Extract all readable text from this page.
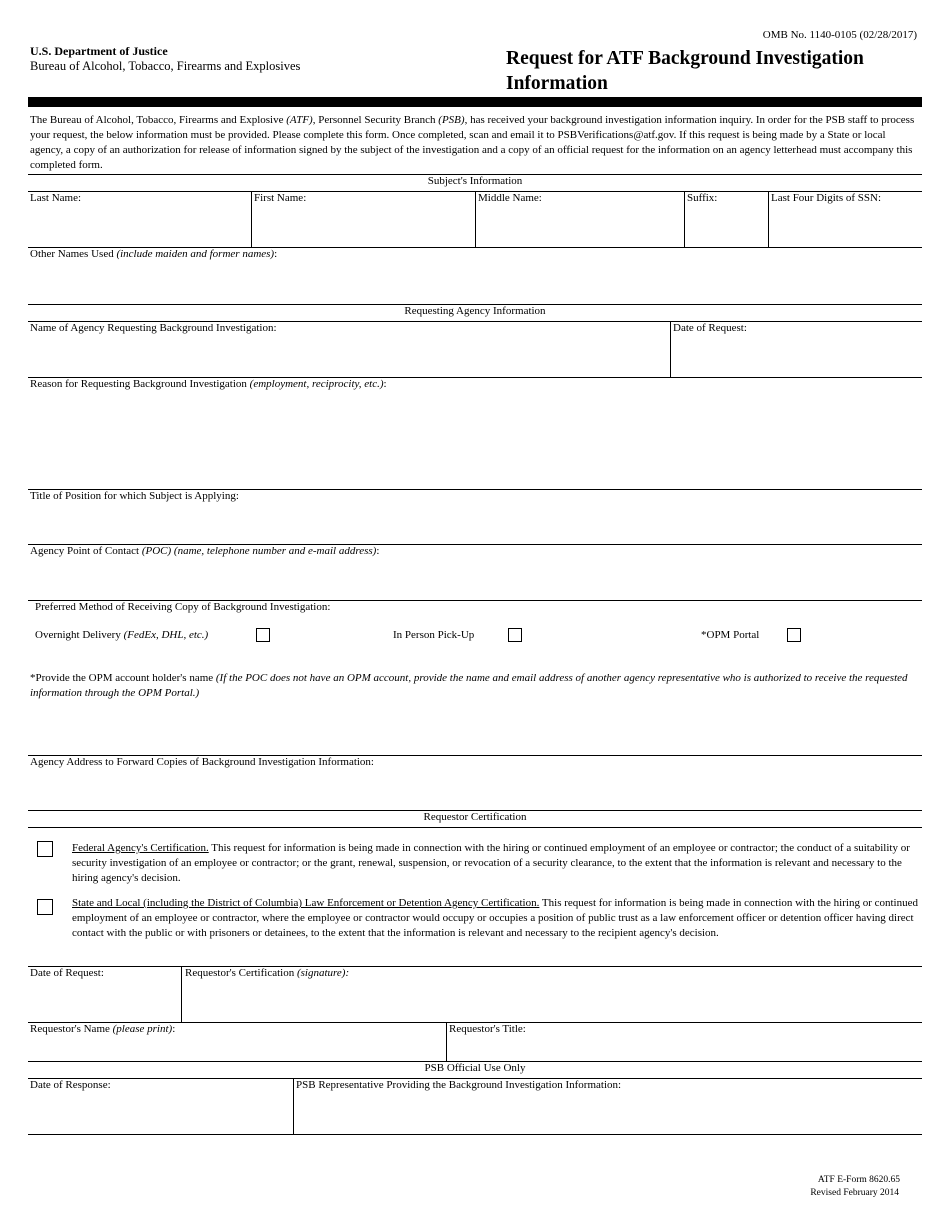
OMB No. 1140-0105 (02/28/2017)
U.S. Department of Justice
Bureau of Alcohol, Tobacco, Firearms and Explosives	Request for ATF Background Investigation Information
The Bureau of Alcohol, Tobacco, Firearms and Explosive (ATF), Personnel Security Branch (PSB), has received your background investigation information inquiry. In order for the PSB staff to process your request, the below information must be provided. Please complete this form. Once completed, scan and email it to PSBVerifications@atf.gov. If this request is being made by a State or local agency, a copy of an authorization for release of information signed by the subject of the investigation and a copy of an official request for the information on an agency letterhead must accompany this completed form.
Subject's Information
Last Name:	First Name:	Middle Name:	Suffix:	Last Four Digits of SSN:
Other Names Used (include maiden and former names):
Requesting Agency Information
Name of Agency Requesting Background Investigation:	Date of Request:
Reason for Requesting Background Investigation (employment, reciprocity, etc.):
Title of Position for which Subject is Applying:
Agency Point of Contact (POC) (name, telephone number and e-mail address):
Preferred Method of Receiving Copy of Background Investigation:
Overnight Delivery (FedEx, DHL, etc.)	In Person Pick-Up	*OPM Portal
*Provide the OPM account holder's name (If the POC does not have an OPM account, provide the name and email address of another agency representative who is authorized to receive the requested information through the OPM Portal.)
Agency Address to Forward Copies of Background Investigation Information:
Requestor Certification
Federal Agency's Certification. This request for information is being made in connection with the hiring or continued employment of an employee or contractor; the conduct of a suitability or security investigation of an employee or contractor; or the grant, renewal, suspension, or revocation of a security clearance, to the extent that the information is relevant and necessary to the hiring agency's decision.
State and Local (including the District of Columbia) Law Enforcement or Detention Agency Certification. This request for information is being made in connection with the hiring or continued employment of an employee or contractor, where the employee or contractor would occupy or occupies a position of public trust as a law enforcement officer or detention officer having direct contact with the public or with prisoners or detainees, to the extent that the information is relevant and necessary to the recipient agency's decision.
Date of Request:	Requestor's Certification (signature):
Requestor's Name (please print):	Requestor's Title:
PSB Official Use Only
Date of Response:	PSB Representative Providing the Background Investigation Information:
ATF E-Form 8620.65
Revised February 2014
